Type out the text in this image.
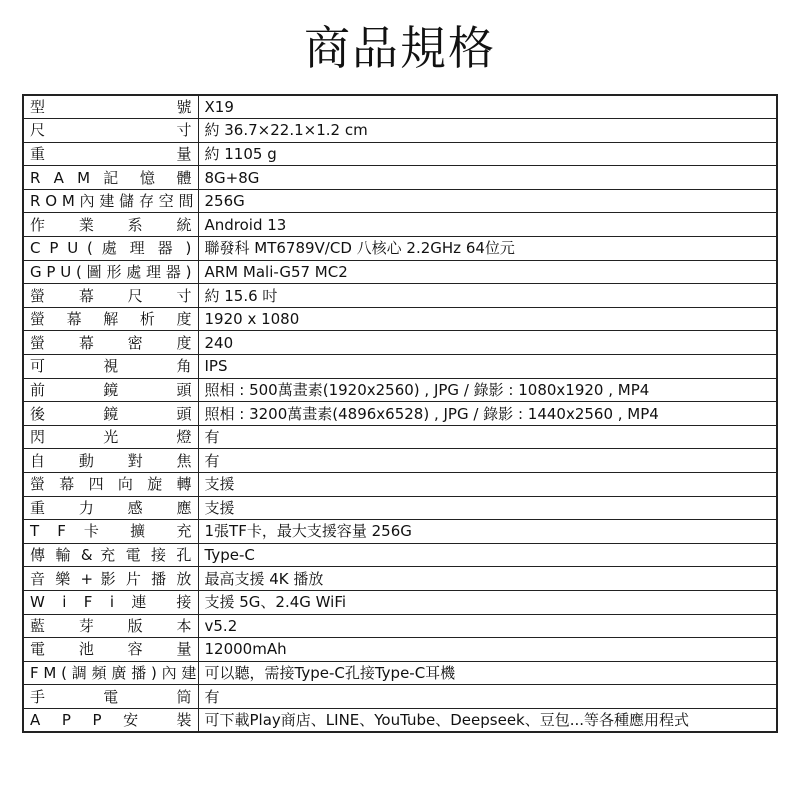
商品規格
型 號	X19

尺 寸	約 36.7×22.1×1.2 cm

重 量	約 1105 g

R A M 記 憶 體	8G+8G

R O M 內 建 儲 存 空 間	256G

作 業 系 統	Android 13

C P U ( 處 理 器 )	聯發科 MT6789V/CD 八核心 2.2GHz 64位元

G P U ( 圖 形 處 理 器 )	ARM Mali-G57 MC2

螢 幕 尺 寸	約 15.6 吋

螢 幕 解 析 度	1920 x 1080

螢 幕 密 度	240

可 視 角	IPS

前 鏡 頭	照相 : 500萬畫素(1920x2560) , JPG / 錄影 : 1080x1920 , MP4

後 鏡 頭	照相 : 3200萬畫素(4896x6528) , JPG / 錄影 : 1440x2560 , MP4

閃 光 燈	有

自 動 對 焦	有

螢 幕 四 向 旋 轉	支援

重 力 感 應	支援

T F 卡 擴 充	1張TF卡，最大支援容量 256G

傳 輸 & 充 電 接 孔	Type-C

音 樂 + 影 片 播 放	最高支援 4K 播放

W i F i 連 接	支援 5G、2.4G WiFi

藍 芽 版 本	v5.2

電 池 容 量	12000mAh

F M ( 調 頻 廣 播 ) 內 建	可以聽，需接Type-C孔接Type-C耳機

手 電 筒	有

A P P 安 裝	可下載Play商店、LINE、YouTube、Deepseek、豆包...等各種應用程式
